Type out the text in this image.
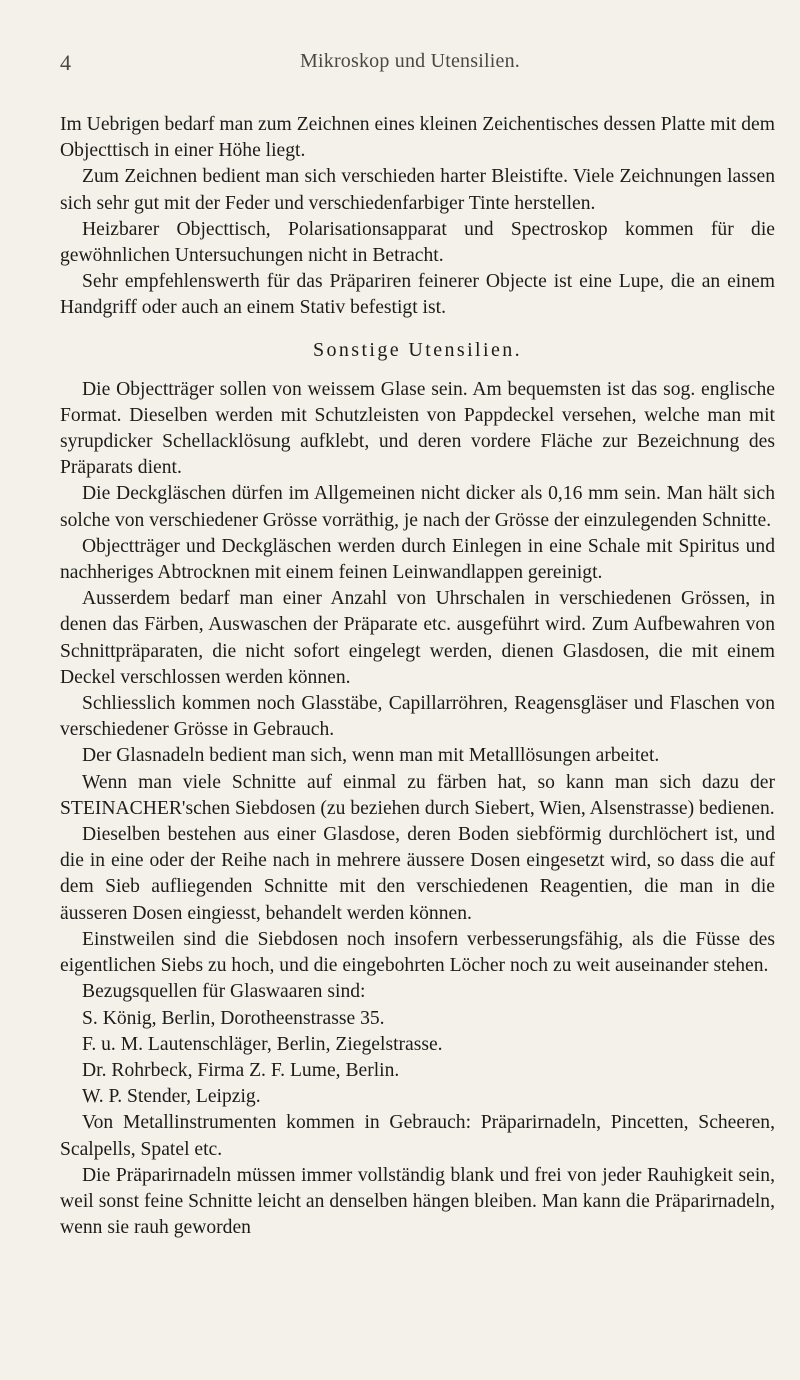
4	Mikroskop und Utensilien.

Im Uebrigen bedarf man zum Zeichnen eines kleinen Zeichentisches dessen Platte mit dem Objecttisch in einer Höhe liegt.

Zum Zeichnen bedient man sich verschieden harter Bleistifte. Viele Zeichnungen lassen sich sehr gut mit der Feder und verschiedenfarbiger Tinte herstellen.

Heizbarer Objecttisch, Polarisationsapparat und Spectroskop kommen für die gewöhnlichen Untersuchungen nicht in Betracht.

Sehr empfehlenswerth für das Präpariren feinerer Objecte ist eine Lupe, die an einem Handgriff oder auch an einem Stativ befestigt ist.

Sonstige Utensilien.

Die Objectträger sollen von weissem Glase sein. Am bequemsten ist das sog. englische Format. Dieselben werden mit Schutzleisten von Pappdeckel versehen, welche man mit syrupdicker Schellacklösung aufklebt, und deren vordere Fläche zur Bezeichnung des Präparats dient.

Die Deckgläschen dürfen im Allgemeinen nicht dicker als 0,16 mm sein. Man hält sich solche von verschiedener Grösse vorräthig, je nach der Grösse der einzulegenden Schnitte.

Objectträger und Deckgläschen werden durch Einlegen in eine Schale mit Spiritus und nachheriges Abtrocknen mit einem feinen Leinwandlappen gereinigt.

Ausserdem bedarf man einer Anzahl von Uhrschalen in verschiedenen Grössen, in denen das Färben, Auswaschen der Präparate etc. ausgeführt wird. Zum Aufbewahren von Schnittpräparaten, die nicht sofort eingelegt werden, dienen Glasdosen, die mit einem Deckel verschlossen werden können.

Schliesslich kommen noch Glasstäbe, Capillarröhren, Reagensgläser und Flaschen von verschiedener Grösse in Gebrauch.

Der Glasnadeln bedient man sich, wenn man mit Metalllösungen arbeitet.

Wenn man viele Schnitte auf einmal zu färben hat, so kann man sich dazu der STEINACHER'schen Siebdosen (zu beziehen durch Siebert, Wien, Alsenstrasse) bedienen.

Dieselben bestehen aus einer Glasdose, deren Boden siebförmig durchlöchert ist, und die in eine oder der Reihe nach in mehrere äussere Dosen eingesetzt wird, so dass die auf dem Sieb aufliegenden Schnitte mit den verschiedenen Reagentien, die man in die äusseren Dosen eingiesst, behandelt werden können.

Einstweilen sind die Siebdosen noch insofern verbesserungsfähig, als die Füsse des eigentlichen Siebs zu hoch, und die eingebohrten Löcher noch zu weit auseinander stehen.

Bezugsquellen für Glaswaaren sind:

S. König, Berlin, Dorotheenstrasse 35.

F. u. M. Lautenschläger, Berlin, Ziegelstrasse.

Dr. Rohrbeck, Firma Z. F. Lume, Berlin.

W. P. Stender, Leipzig.

Von Metallinstrumenten kommen in Gebrauch: Präparirnadeln, Pincetten, Scheeren, Scalpells, Spatel etc.

Die Präparirnadeln müssen immer vollständig blank und frei von jeder Rauhigkeit sein, weil sonst feine Schnitte leicht an denselben hängen bleiben. Man kann die Präparirnadeln, wenn sie rauh geworden
